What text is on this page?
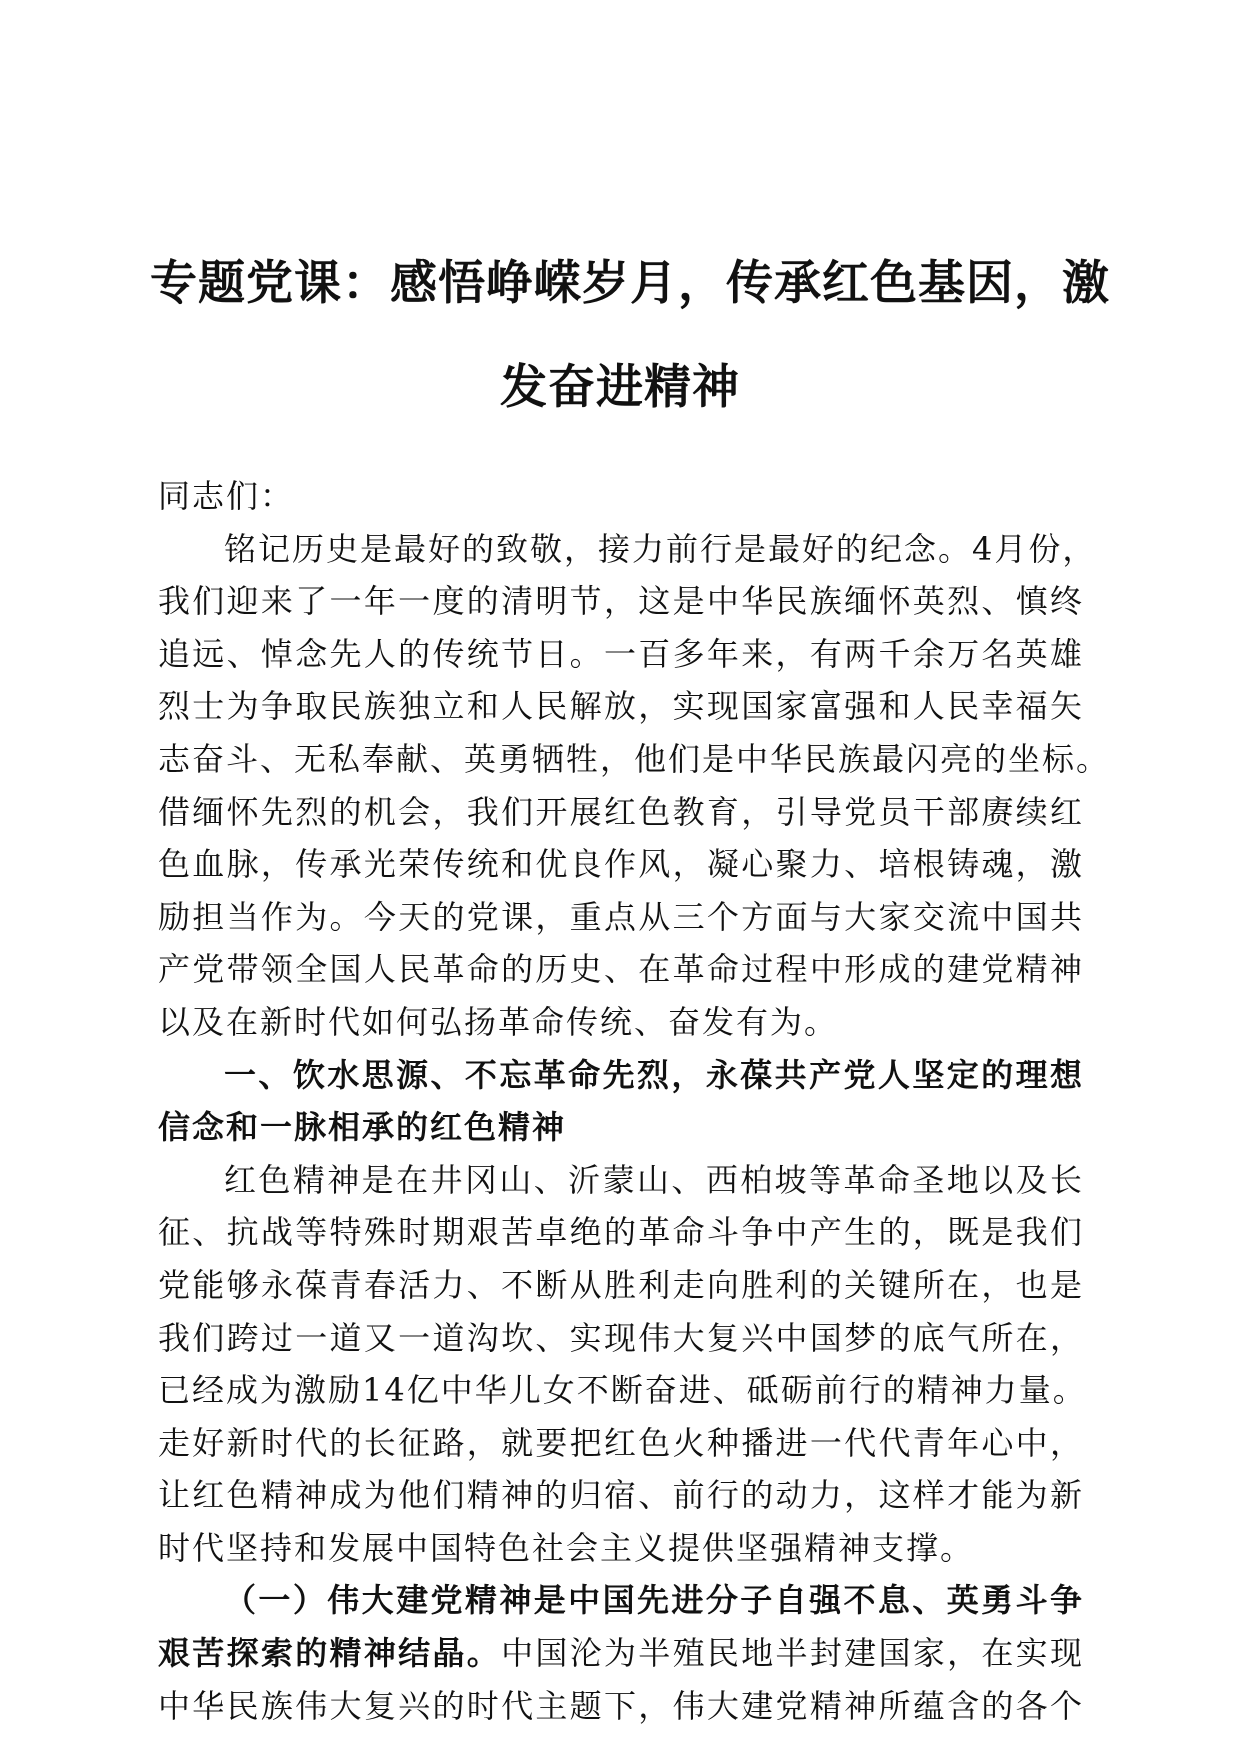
专题党课：感悟峥嵘岁月，传承红色基因，激
发奋进精神
同志们：
铭记历史是最好的致敬，接力前行是最好的纪念。4月份，
我们迎来了一年一度的清明节，这是中华民族缅怀英烈、慎终
追远、悼念先人的传统节日。一百多年来，有两千余万名英雄
烈士为争取民族独立和人民解放，实现国家富强和人民幸福矢
志奋斗、无私奉献、英勇牺牲，他们是中华民族最闪亮的坐标。
借缅怀先烈的机会，我们开展红色教育，引导党员干部赓续红
色血脉，传承光荣传统和优良作风，凝心聚力、培根铸魂，激
励担当作为。今天的党课，重点从三个方面与大家交流中国共
产党带领全国人民革命的历史、在革命过程中形成的建党精神
以及在新时代如何弘扬革命传统、奋发有为。
一、饮水思源、不忘革命先烈，永葆共产党人坚定的理想
信念和一脉相承的红色精神
红色精神是在井冈山、沂蒙山、西柏坡等革命圣地以及长
征、抗战等特殊时期艰苦卓绝的革命斗争中产生的，既是我们
党能够永葆青春活力、不断从胜利走向胜利的关键所在，也是
我们跨过一道又一道沟坎、实现伟大复兴中国梦的底气所在，
已经成为激励14亿中华儿女不断奋进、砥砺前行的精神力量。
走好新时代的长征路，就要把红色火种播进一代代青年心中，
让红色精神成为他们精神的归宿、前行的动力，这样才能为新
时代坚持和发展中国特色社会主义提供坚强精神支撑。
（一）伟大建党精神是中国先进分子自强不息、英勇斗争
艰苦探索的精神结晶。中国沦为半殖民地半封建国家，在实现
中华民族伟大复兴的时代主题下，伟大建党精神所蕴含的各个
